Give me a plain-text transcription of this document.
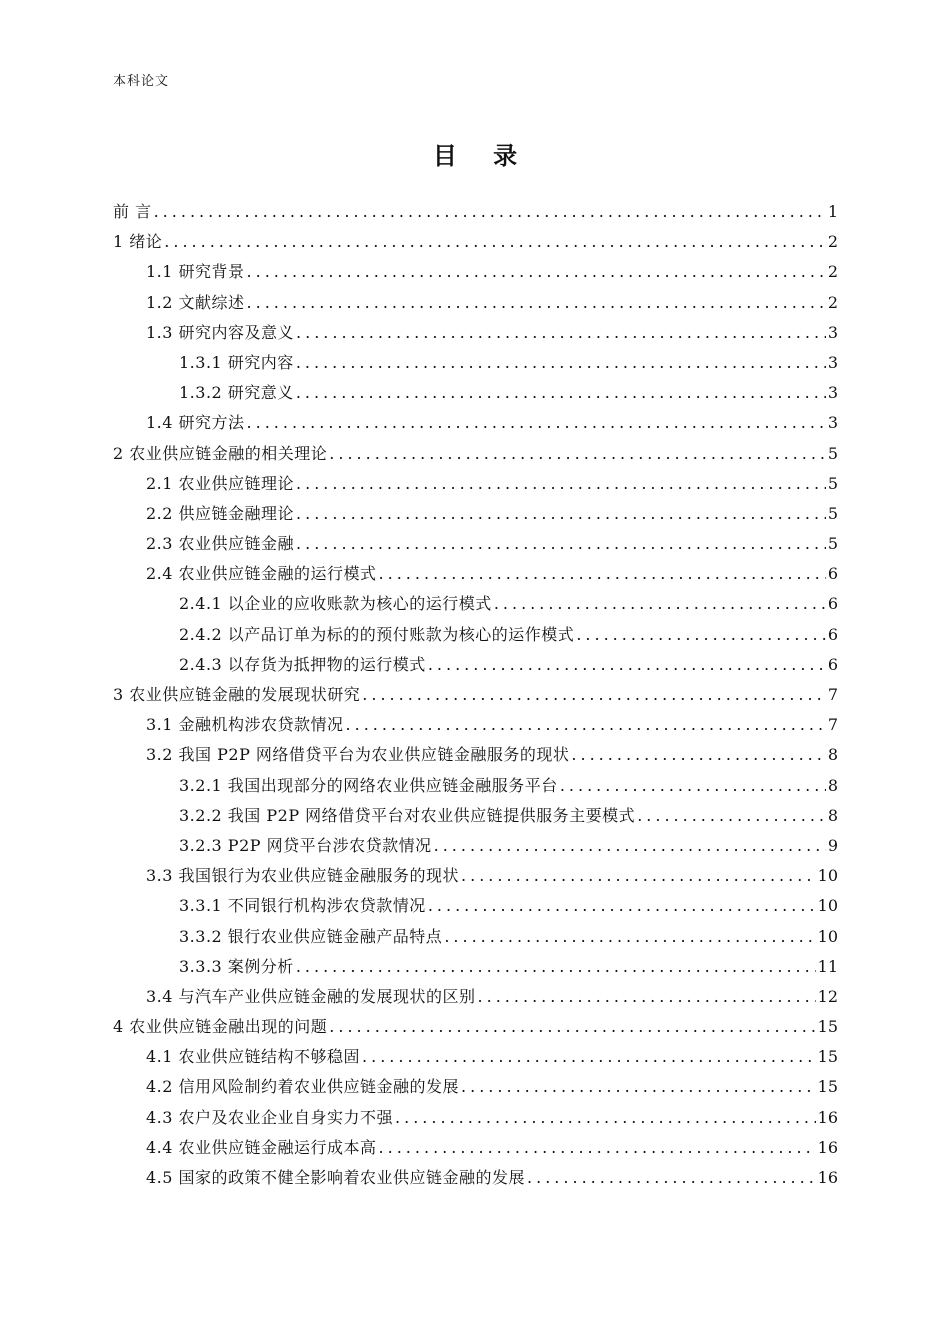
本科论文
目 录
前 言 .....	1
1 绪论 .....	2
1.1 研究背景 .....	2
1.2 文献综述 .....	2
1.3 研究内容及意义 .....	3
1.3.1 研究内容 .....	3
1.3.2 研究意义 .....	3
1.4 研究方法 .....	3
2 农业供应链金融的相关理论 .....	5
2.1 农业供应链理论 .....	5
2.2 供应链金融理论 .....	5
2.3 农业供应链金融 .....	5
2.4 农业供应链金融的运行模式 .....	6
2.4.1 以企业的应收账款为核心的运行模式 .....	6
2.4.2 以产品订单为标的的预付账款为核心的运作模式 .....	6
2.4.3 以存货为抵押物的运行模式 .....	6
3 农业供应链金融的发展现状研究 .....	7
3.1 金融机构涉农贷款情况 .....	7
3.2 我国 P2P 网络借贷平台为农业供应链金融服务的现状 .....	8
3.2.1 我国出现部分的网络农业供应链金融服务平台 .....	8
3.2.2 我国 P2P 网络借贷平台对农业供应链提供服务主要模式 .....	8
3.2.3 P2P 网贷平台涉农贷款情况 .....	9
3.3 我国银行为农业供应链金融服务的现状 .....	10
3.3.1 不同银行机构涉农贷款情况 .....	10
3.3.2 银行农业供应链金融产品特点 .....	10
3.3.3 案例分析 .....	11
3.4 与汽车产业供应链金融的发展现状的区别 .....	12
4 农业供应链金融出现的问题 .....	15
4.1 农业供应链结构不够稳固 .....	15
4.2 信用风险制约着农业供应链金融的发展 .....	15
4.3 农户及农业企业自身实力不强 .....	16
4.4 农业供应链金融运行成本高 .....	16
4.5 国家的政策不健全影响着农业供应链金融的发展 .....	16
